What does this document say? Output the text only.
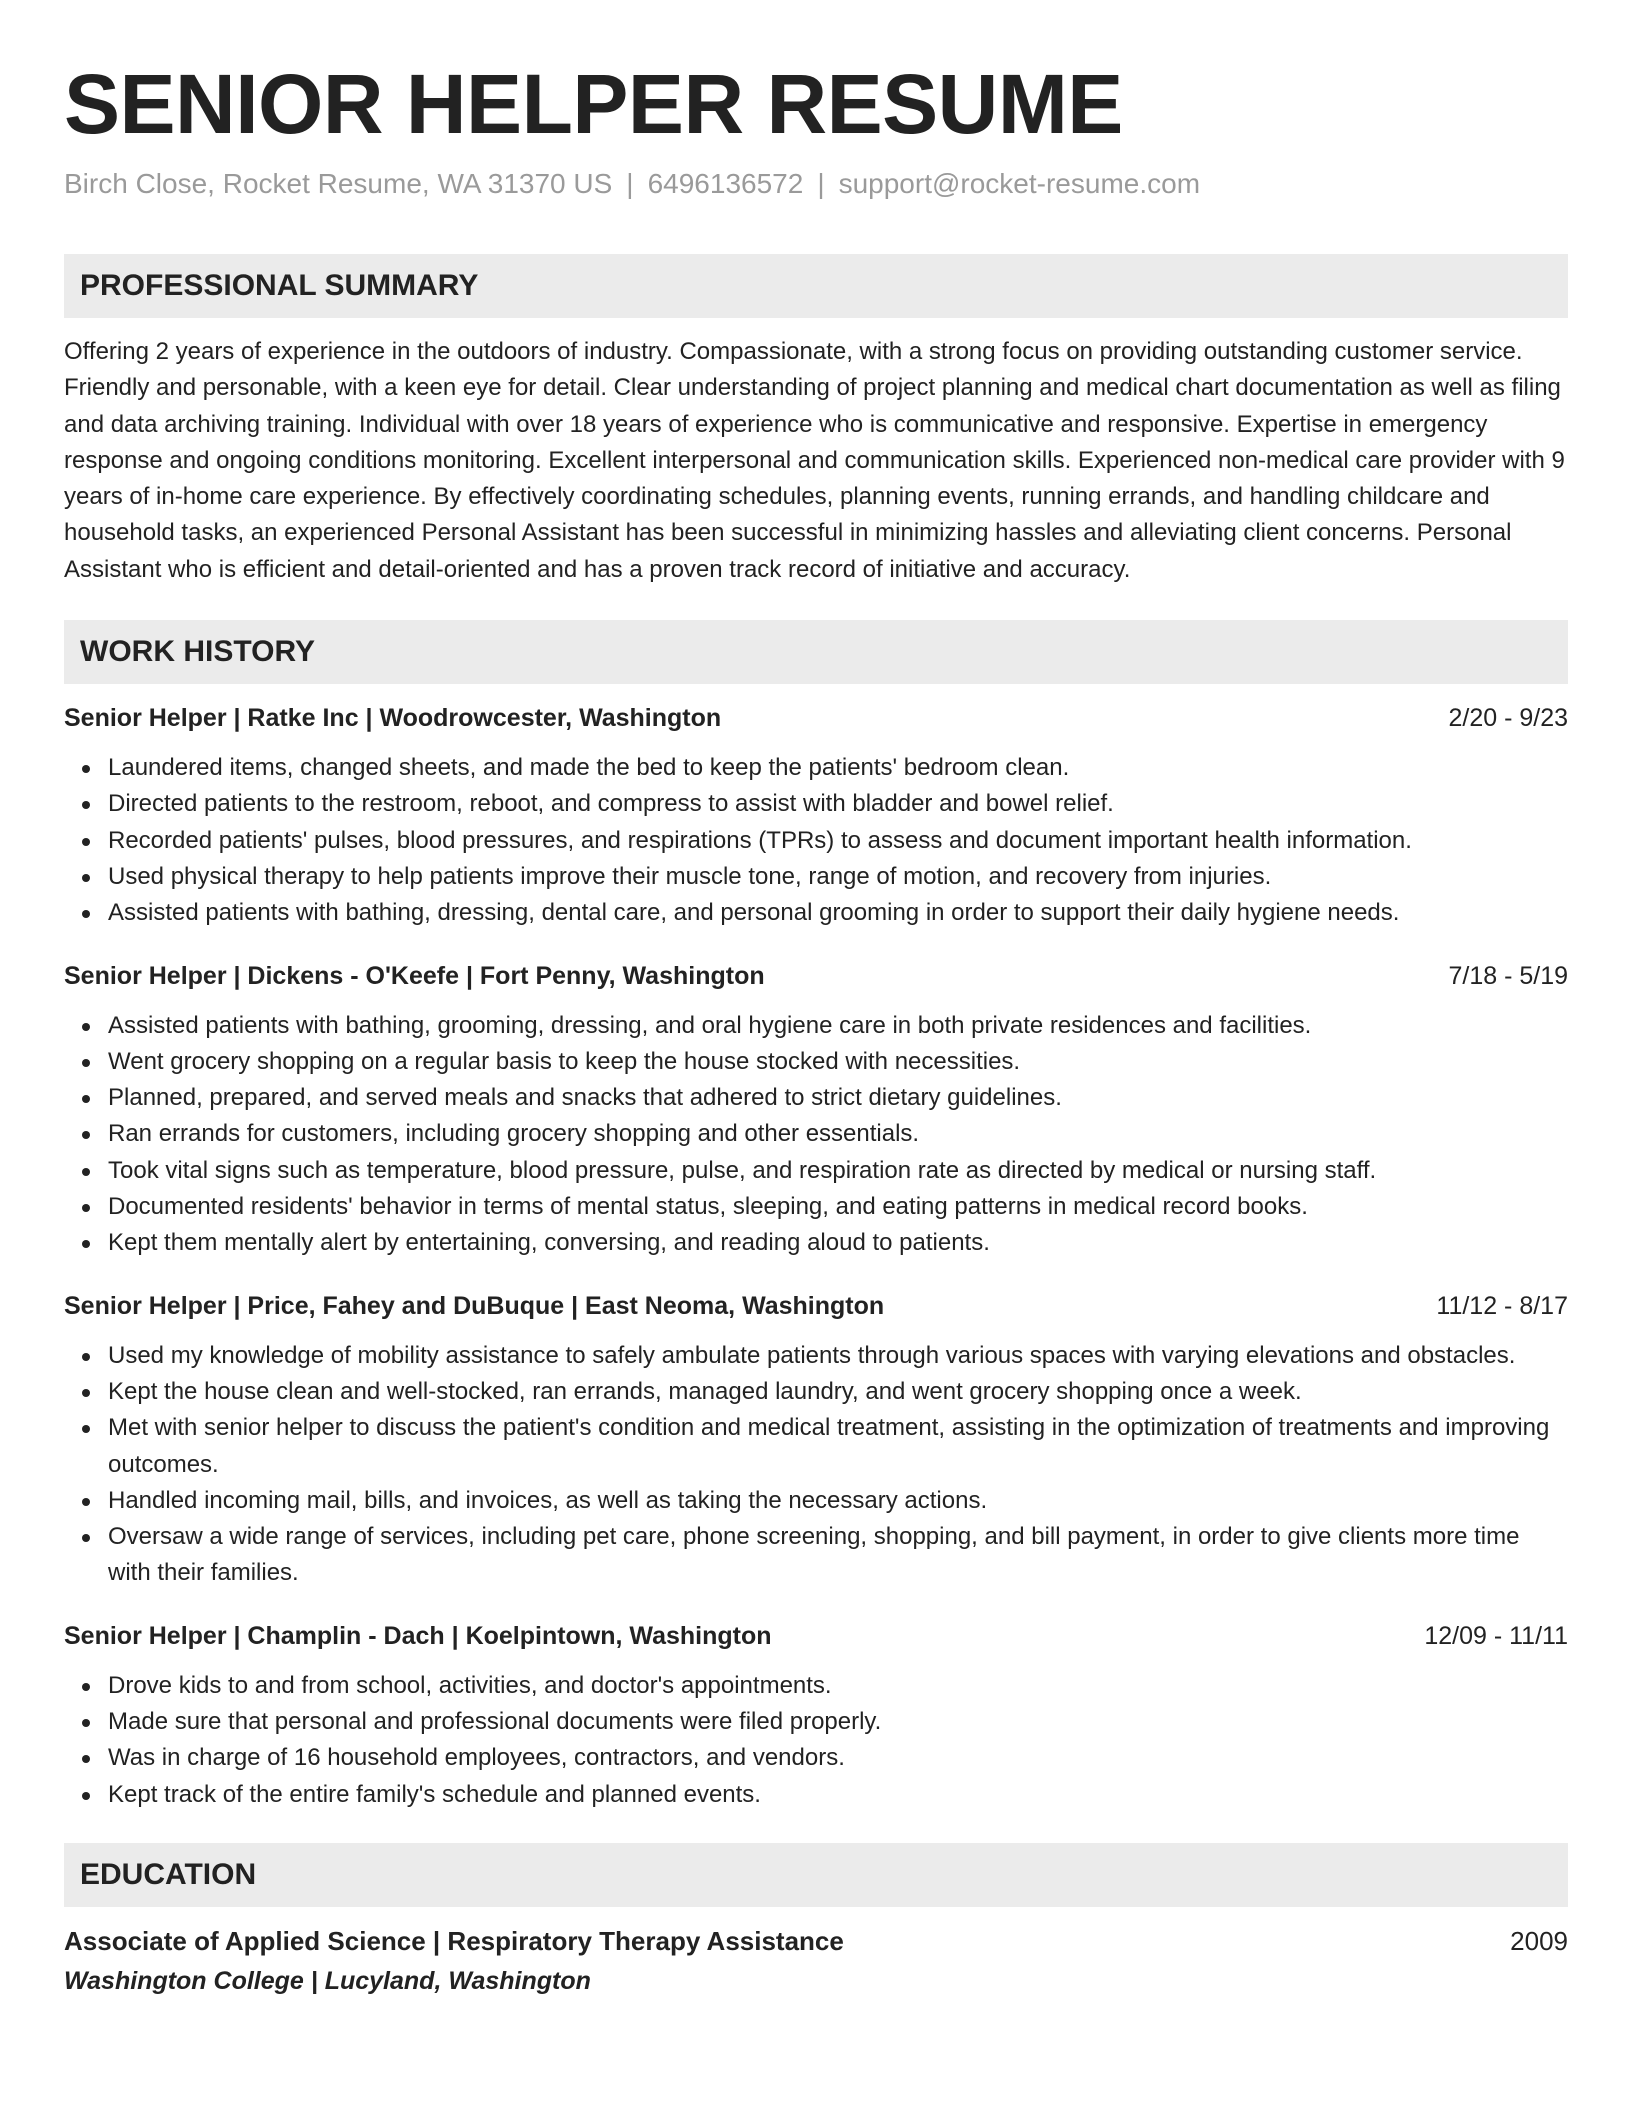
SENIOR HELPER RESUME
Birch Close, Rocket Resume, WA 31370 US | 6496136572 | support@rocket-resume.com
PROFESSIONAL SUMMARY
Offering 2 years of experience in the outdoors of industry. Compassionate, with a strong focus on providing outstanding customer service. Friendly and personable, with a keen eye for detail. Clear understanding of project planning and medical chart documentation as well as filing and data archiving training. Individual with over 18 years of experience who is communicative and responsive. Expertise in emergency response and ongoing conditions monitoring. Excellent interpersonal and communication skills. Experienced non-medical care provider with 9 years of in-home care experience. By effectively coordinating schedules, planning events, running errands, and handling childcare and household tasks, an experienced Personal Assistant has been successful in minimizing hassles and alleviating client concerns. Personal Assistant who is efficient and detail-oriented and has a proven track record of initiative and accuracy.
WORK HISTORY
Senior Helper | Ratke Inc | Woodrowcester, Washington	2/20 - 9/23
Laundered items, changed sheets, and made the bed to keep the patients' bedroom clean.
Directed patients to the restroom, reboot, and compress to assist with bladder and bowel relief.
Recorded patients' pulses, blood pressures, and respirations (TPRs) to assess and document important health information.
Used physical therapy to help patients improve their muscle tone, range of motion, and recovery from injuries.
Assisted patients with bathing, dressing, dental care, and personal grooming in order to support their daily hygiene needs.
Senior Helper | Dickens - O'Keefe | Fort Penny, Washington	7/18 - 5/19
Assisted patients with bathing, grooming, dressing, and oral hygiene care in both private residences and facilities.
Went grocery shopping on a regular basis to keep the house stocked with necessities.
Planned, prepared, and served meals and snacks that adhered to strict dietary guidelines.
Ran errands for customers, including grocery shopping and other essentials.
Took vital signs such as temperature, blood pressure, pulse, and respiration rate as directed by medical or nursing staff.
Documented residents' behavior in terms of mental status, sleeping, and eating patterns in medical record books.
Kept them mentally alert by entertaining, conversing, and reading aloud to patients.
Senior Helper | Price, Fahey and DuBuque | East Neoma, Washington	11/12 - 8/17
Used my knowledge of mobility assistance to safely ambulate patients through various spaces with varying elevations and obstacles.
Kept the house clean and well-stocked, ran errands, managed laundry, and went grocery shopping once a week.
Met with senior helper to discuss the patient's condition and medical treatment, assisting in the optimization of treatments and improving outcomes.
Handled incoming mail, bills, and invoices, as well as taking the necessary actions.
Oversaw a wide range of services, including pet care, phone screening, shopping, and bill payment, in order to give clients more time with their families.
Senior Helper | Champlin - Dach | Koelpintown, Washington	12/09 - 11/11
Drove kids to and from school, activities, and doctor's appointments.
Made sure that personal and professional documents were filed properly.
Was in charge of 16 household employees, contractors, and vendors.
Kept track of the entire family's schedule and planned events.
EDUCATION
Associate of Applied Science | Respiratory Therapy Assistance	2009
Washington College | Lucyland, Washington
